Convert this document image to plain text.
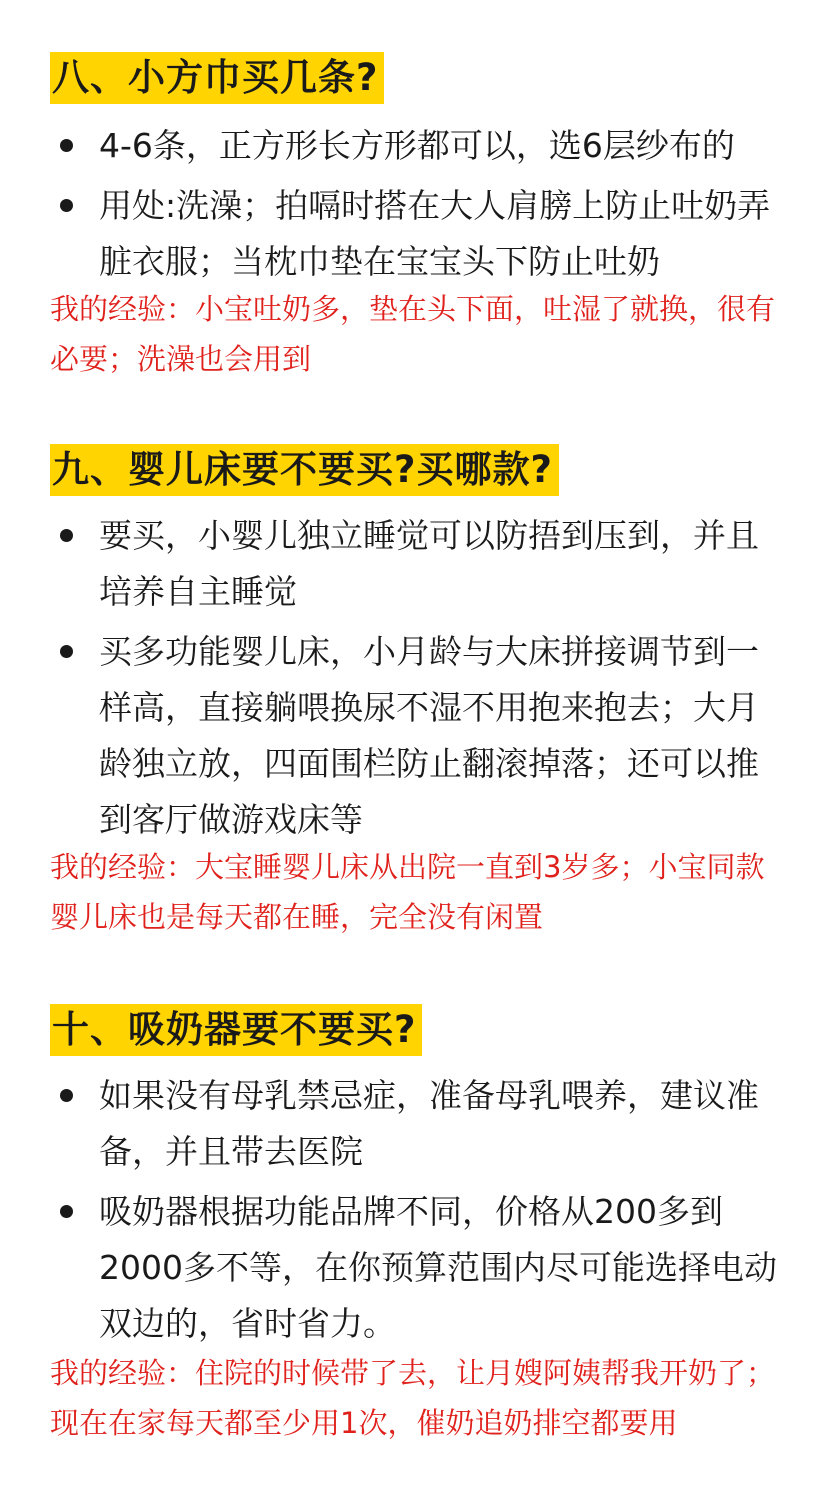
八、小方巾买几条?
4-6条，正方形长方形都可以，选6层纱布的
用处:洗澡；拍嗝时搭在大人肩膀上防止吐奶弄脏衣服；当枕巾垫在宝宝头下防止吐奶
我的经验：小宝吐奶多，垫在头下面，吐湿了就换，很有必要；洗澡也会用到
九、婴儿床要不要买?买哪款?
要买，小婴儿独立睡觉可以防捂到压到，并且培养自主睡觉
买多功能婴儿床，小月龄与大床拼接调节到一样高，直接躺喂换尿不湿不用抱来抱去；大月龄独立放，四面围栏防止翻滚掉落；还可以推到客厅做游戏床等
我的经验：大宝睡婴儿床从出院一直到3岁多；小宝同款婴儿床也是每天都在睡，完全没有闲置
十、吸奶器要不要买?
如果没有母乳禁忌症，准备母乳喂养，建议准备，并且带去医院
吸奶器根据功能品牌不同，价格从200多到2000多不等，在你预算范围内尽可能选择电动双边的，省时省力。
我的经验：住院的时候带了去，让月嫂阿姨帮我开奶了；现在在家每天都至少用1次，催奶追奶排空都要用
